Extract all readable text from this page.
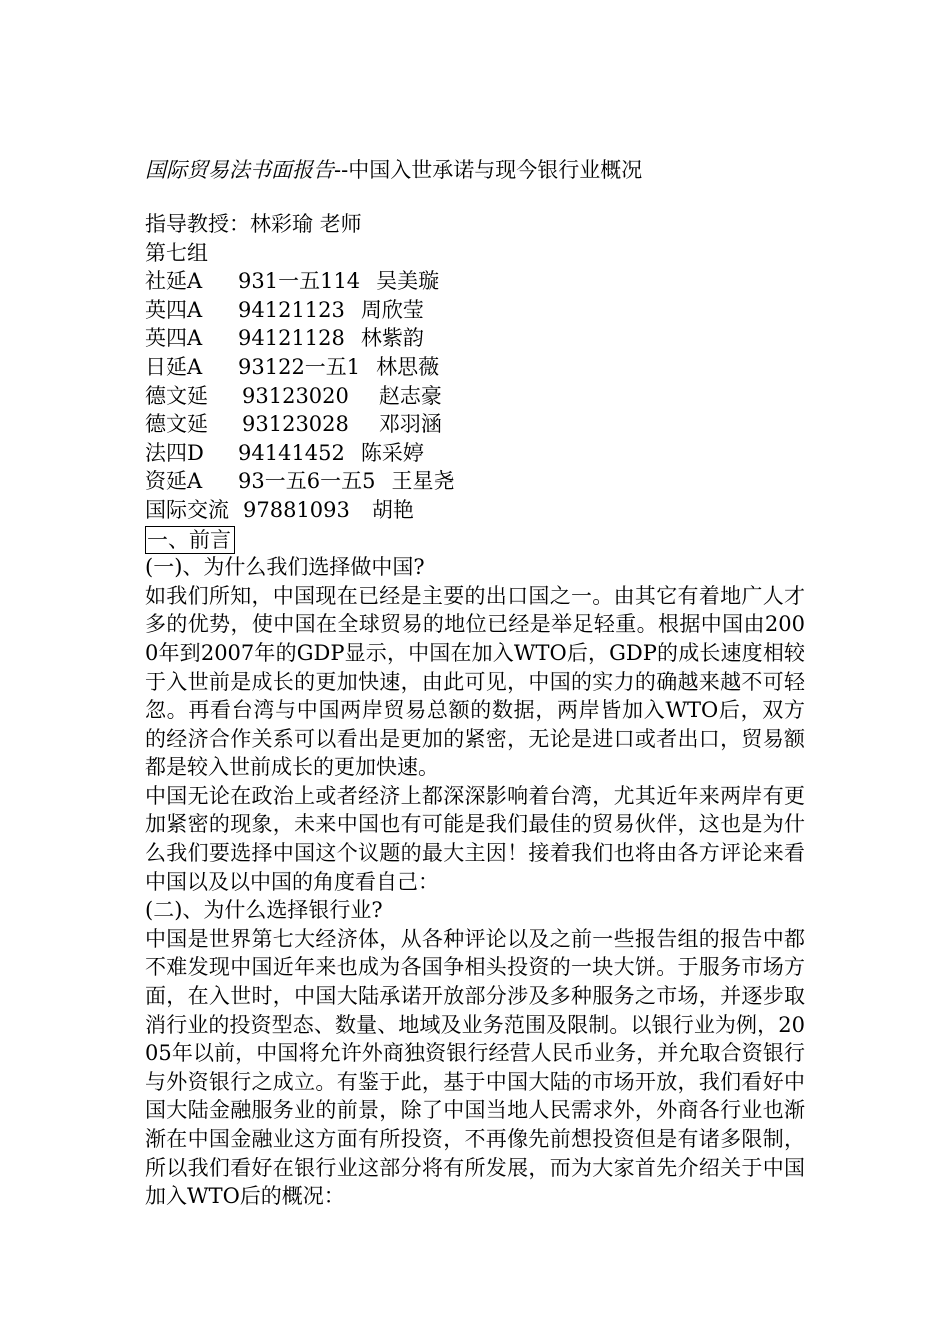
国际贸易法书面报告--中国入世承诺与现今银行业概况
指导教授：林彩瑜 老师
第七组
社延A	931一五114 吴美璇
英四A	94121123 周欣莹
英四A	94121128 林紫韵
日延A	93122一五1 林思薇
德文延	93123020 赵志豪
德文延	93123028 邓羽涵
法四D	94141452 陈采婷
资延A	93一五6一五5 王星尧
国际交流 97881093 胡艳
一、前言
(一)、为什么我们选择做中国?
如我们所知，中国现在已经是主要的出口国之一。由其它有着地广人才多的优势，使中国在全球贸易的地位已经是举足轻重。根据中国由2000年到2007年的GDP显示，中国在加入WTO后，GDP的成长速度相较于入世前是成长的更加快速，由此可见，中国的实力的确越来越不可轻忽。再看台湾与中国两岸贸易总额的数据，两岸皆加入WTO后，双方的经济合作关系可以看出是更加的紧密，无论是进口或者出口，贸易额都是较入世前成长的更加快速。
中国无论在政治上或者经济上都深深影响着台湾，尤其近年来两岸有更加紧密的现象，未来中国也有可能是我们最佳的贸易伙伴，这也是为什么我们要选择中国这个议题的最大主因！接着我们也将由各方评论来看中国以及以中国的角度看自己：
(二)、为什么选择银行业?
中国是世界第七大经济体，从各种评论以及之前一些报告组的报告中都不难发现中国近年来也成为各国争相头投资的一块大饼。于服务市场方面，在入世时，中国大陆承诺开放部分涉及多种服务之市场，并逐步取消行业的投资型态、数量、地域及业务范围及限制。以银行业为例，2005年以前，中国将允许外商独资银行经营人民币业务，并允取合资银行与外资银行之成立。有鉴于此，基于中国大陆的市场开放，我们看好中国大陆金融服务业的前景，除了中国当地人民需求外，外商各行业也渐渐在中国金融业这方面有所投资，不再像先前想投资但是有诸多限制，所以我们看好在银行业这部分将有所发展，而为大家首先介绍关于中国加入WTO后的概况：
